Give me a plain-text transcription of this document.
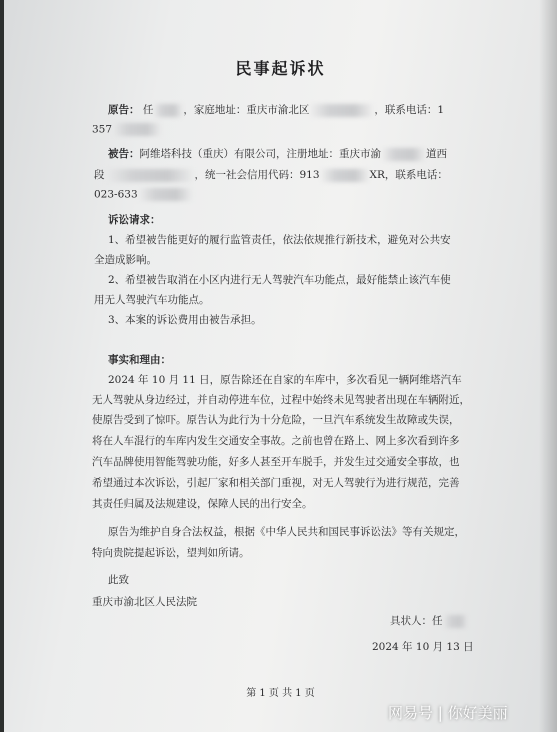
民事起诉状
原告： 任	，家庭地址：重庆市渝北区	，联系电话：1
357
被告：阿维塔科技（重庆）有限公司，注册地址：重庆市渝	道西
段	，统一社会信用代码：913	XR，联系电话：
023-633
诉讼请求：
1、希望被告能更好的履行监管责任，依法依规推行新技术，避免对公共安
全造成影响。
2、希望被告取消在小区内进行无人驾驶汽车功能点，最好能禁止该汽车使
用无人驾驶汽车功能点。
3、本案的诉讼费用由被告承担。
事实和理由：
2024 年 10 月 11 日，原告除还在自家的车库中，多次看见一辆阿维塔汽车
无人驾驶从身边经过，并自动停进车位，过程中始终未见驾驶者出现在车辆附近，
使原告受到了惊吓。原告认为此行为十分危险，一旦汽车系统发生故障或失误，
将在人车混行的车库内发生交通安全事故。之前也曾在路上、网上多次看到许多
汽车品牌使用智能驾驶功能，好多人甚至开车脱手，并发生过交通安全事故，也
希望通过本次诉讼，引起厂家和相关部门重视，对无人驾驶行为进行规范，完善
其责任归属及法规建设，保障人民的出行安全。
原告为维护自身合法权益，根据《中华人民共和国民事诉讼法》等有关规定，
特向贵院提起诉讼，望判如所请。
此致
重庆市渝北区人民法院
具状人：任
2024 年 10 月 13 日
第 1 页 共 1 页
网易号 | 你好美丽
